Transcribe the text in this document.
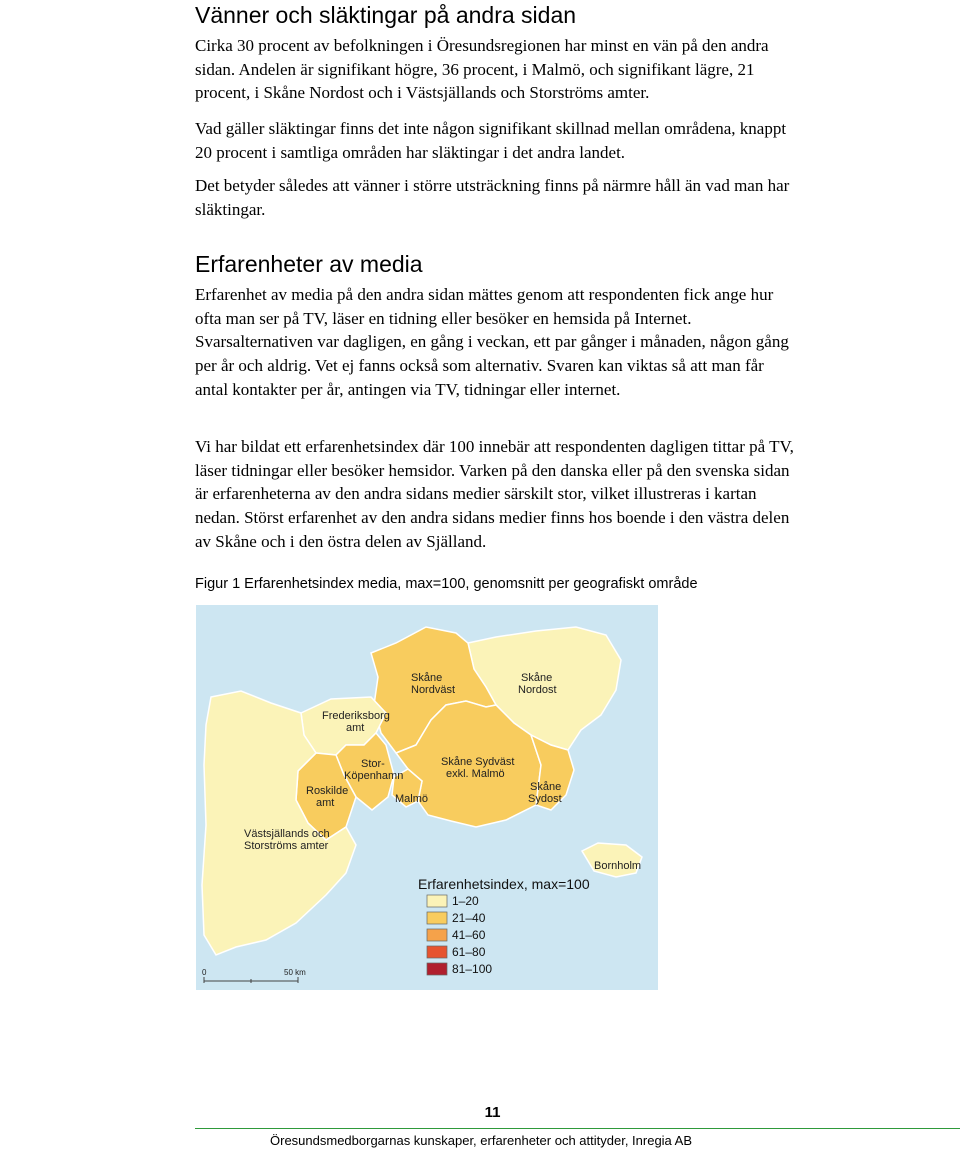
Vänner och släktingar på andra sidan

Cirka 30 procent av befolkningen i Öresundsregionen har minst en vän på den andra sidan. Andelen är signifikant högre, 36 procent, i Malmö, och signifikant lägre, 21 procent, i Skåne Nordost och i Västsjällands och Storströms amter.

Vad gäller släktingar finns det inte någon signifikant skillnad mellan områdena, knappt 20 procent i samtliga områden har släktingar i det andra landet.

Det betyder således att vänner i större utsträckning finns på närmre håll än vad man har släktingar.

Erfarenheter av media

Erfarenhet av media på den andra sidan mättes genom att respondenten fick ange hur ofta man ser på TV, läser en tidning eller besöker en hemsida på Internet. Svarsalternativen var dagligen, en gång i veckan, ett par gånger i månaden, någon gång per år och aldrig. Vet ej fanns också som alternativ. Svaren kan viktas så att man får antal kontakter per år, antingen via TV, tidningar eller internet.

Vi har bildat ett erfarenhetsindex där 100 innebär att respondenten dagligen tittar på TV, läser tidningar eller besöker hemsidor. Varken på den danska eller på den svenska sidan är erfarenheterna av den andra sidans medier särskilt stor, vilket illustreras i kartan nedan. Störst erfarenhet av den andra sidans medier finns hos boende i den västra delen av Skåne och i den östra delen av Själland.

Figur 1 Erfarenhetsindex media, max=100, genomsnitt per geografiskt område

Skåne Nordväst
Skåne Nordost
Frederiksborg amt
Stor-Köpenhamn
Skåne Sydväst exkl. Malmö
Skåne Sydost
Roskilde amt	Malmö
Västsjällands och Storströms amter
Bornholm
Erfarenhetsindex, max=100
1–20
21–40
41–60
61–80
81–100
0	50 km

11

Öresundsmedborgarnas kunskaper, erfarenheter och attityder, Inregia AB
